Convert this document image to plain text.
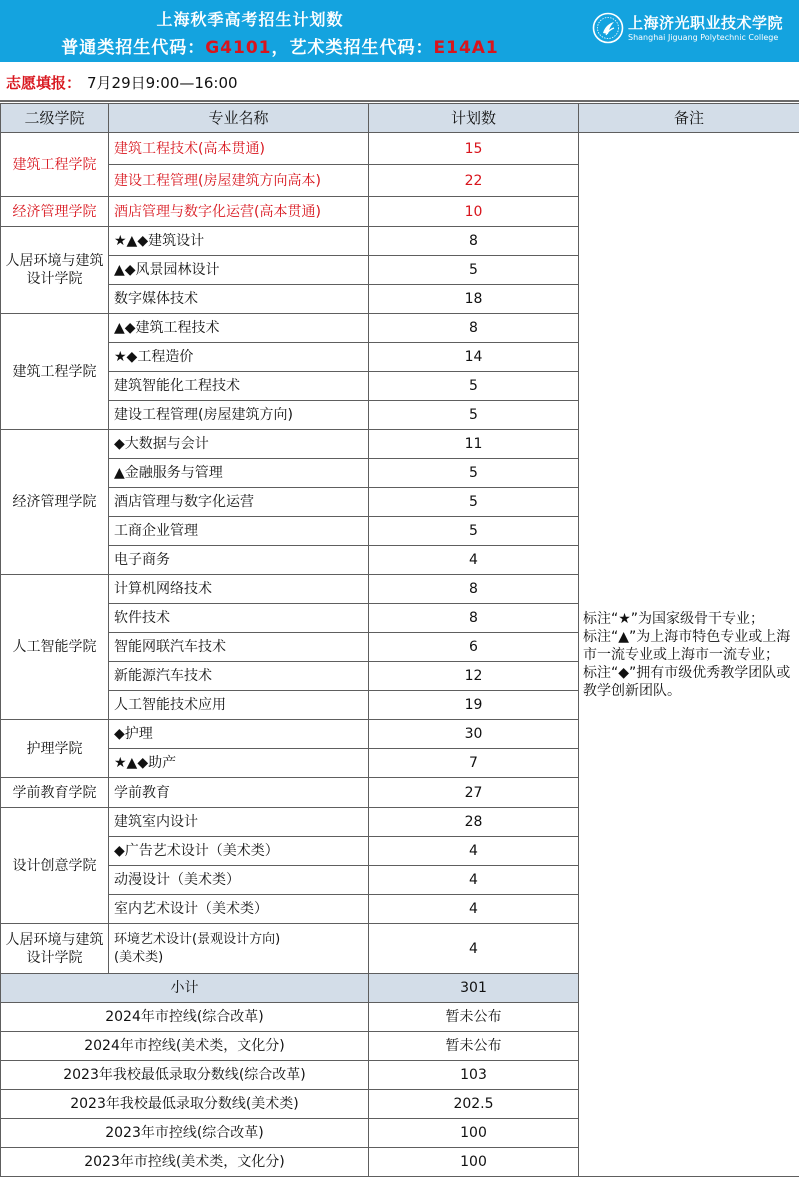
上海秋季高考招生计划数
普通类招生代码：G4101，艺术类招生代码：E14A1
上海济光职业技术学院
Shanghai Jiguang Polytechnic College
志愿填报： 7月29日9:00—16:00
二级学院	专业名称	计划数	备注
建筑工程学院	建筑工程技术(高本贯通)	15	标注“★”为国家级骨干专业；
标注“▲”为上海市特色专业或上海市一流专业或上海市一流专业；
标注“◆”拥有市级优秀教学团队或教学创新团队。
	建设工程管理(房屋建筑方向高本)	22	
经济管理学院	酒店管理与数字化运营(高本贯通)	10	
人居环境与建筑设计学院	★▲◆建筑设计	8	
	▲◆风景园林设计	5	
	数字媒体技术	18	
建筑工程学院	▲◆建筑工程技术	8	
	★◆工程造价	14	
	建筑智能化工程技术	5	
	建设工程管理(房屋建筑方向)	5	
经济管理学院	◆大数据与会计	11	
	▲金融服务与管理	5	
	酒店管理与数字化运营	5	
	工商企业管理	5	
	电子商务	4	
人工智能学院	计算机网络技术	8	
	软件技术	8	
	智能网联汽车技术	6	
	新能源汽车技术	12	
	人工智能技术应用	19	
护理学院	◆护理	30	
	★▲◆助产	7	
学前教育学院	学前教育	27	
设计创意学院	建筑室内设计	28	
	◆广告艺术设计（美术类）	4	
	动漫设计（美术类）	4	
	室内艺术设计（美术类）	4	
人居环境与建筑设计学院	环境艺术设计(景观设计方向)
(美术类)	4	
小计		301	
2024年市控线(综合改革)		暂未公布	
2024年市控线(美术类，文化分)		暂未公布	
2023年我校最低录取分数线(综合改革)		103	
2023年我校最低录取分数线(美术类)		202.5	
2023年市控线(综合改革)		100	
2023年市控线(美术类，文化分)		100	
